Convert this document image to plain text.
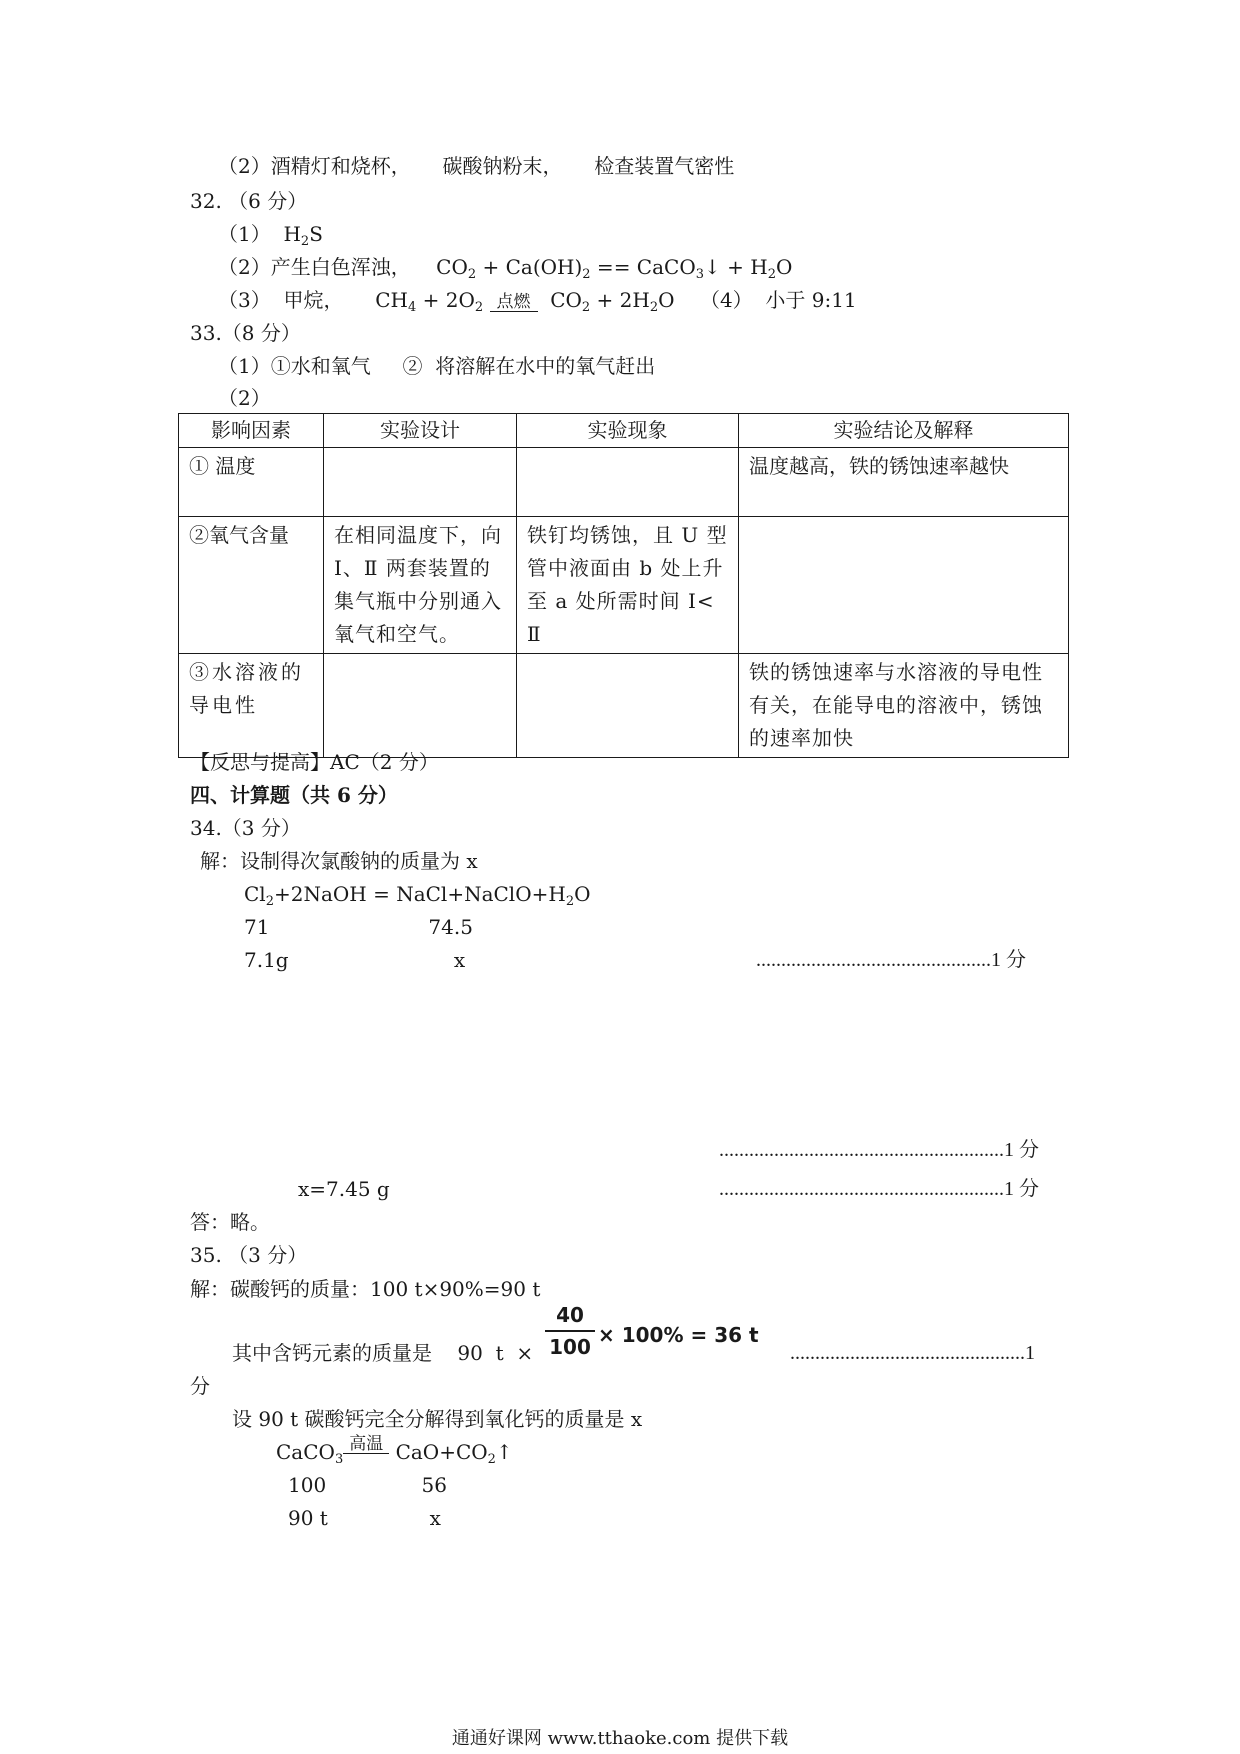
（2）酒精灯和烧杯，     碳酸钠粉末，     检查装置气密性
32. （6 分）
（1）  $H_2S$
（2）产生白色浑浊，    $CO_2 + Ca(OH)_2$ == CaCO$_3$↓ + $H_2O$
（3）  甲烷，     $CH_4 + 2O_2$ 点燃 $CO_2 + 2H_2O$    （4）  小于 9:11
33.（8 分）
（1）①水和氧气     ②  将溶解在水中的氧气赶出
（2）
影响因素	实验设计	实验现象	实验结论及解释
① 温度			温度越高，铁的锈蚀速率越快
②氧气含量	在相同温度下，向Ⅰ、Ⅱ 两套装置的集气瓶中分别通入氧气和空气。	铁钉均锈蚀，且 U 型管中液面由 b 处上升至 a 处所需时间 Ⅰ< Ⅱ	
③水溶液的导电性			铁的锈蚀速率与水溶液的导电性有关，在能导电的溶液中，锈蚀的速率加快
【反思与提高】AC（2 分）
四、计算题（共 6 分）
34.（3 分）
解：设制得次氯酸钠的质量为 x
$Cl_2+2NaOH$ = $NaCl+NaClO+H_2O$
71                         74.5
7.1g                          x	...............................................1 分
.........................................................1 分
x=7.45 g	.........................................................1 分
答：略。
35. （3 分）
解：碳酸钙的质量：100 t×90%=90 t
其中含钙元素的质量是    90  $t \times \frac{40}{100} \times 100\% = 36$ t
...............................................1
分
设 90 t 碳酸钙完全分解得到氧化钙的质量是 x
CaCO$_3$高温 $CaO+CO_2↑$
100               56
90 t                x
通通好课网 www.tthaoke.com 提供下载
